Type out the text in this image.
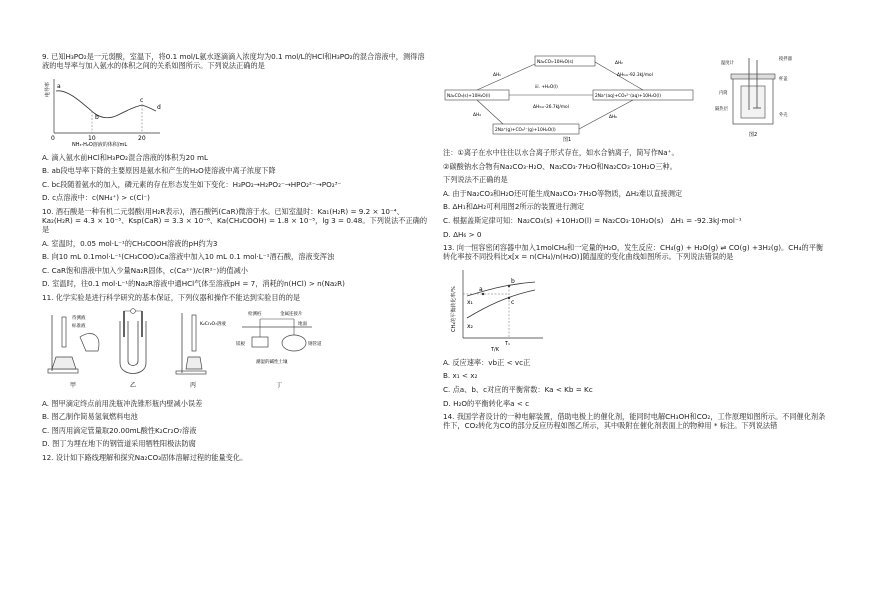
9. 已知H₃PO₂是一元弱酸，室温下，将0.1 mol/L氨水逐滴滴入浓度均为0.1 mol/L的HCl和H₃PO₂的混合溶液中，测得溶液的电导率与加入氨水的体积之间的关系如图所示。下列说法正确的是
a
b
c
d
0	10	20
NH₃·H₂O溶液的体积/mL
电导率
A. 滴入氨水前HCl和H₃PO₂混合溶液的体积为20 mL
B. ab段电导率下降的主要原因是氨水和产生的H₂O使溶液中离子浓度下降
C. bc段随着氨水的加入，磷元素的存在形态发生如下变化：H₃PO₂→H₂PO₂⁻→HPO₂²⁻→PO₂³⁻
D. c点溶液中：c(NH₄⁺) > c(Cl⁻)
10. 酒石酸是一种有机二元弱酸(用H₂R表示)，酒石酸钙(CaR)微溶于水。已知室温时：Ka₁(H₂R) = 9.2 × 10⁻⁴、Ka₂(H₂R) = 4.3 × 10⁻⁵、Ksp(CaR) = 3.3 × 10⁻⁶、Ka(CH₃COOH) = 1.8 × 10⁻⁵，lg 3 = 0.48。下列说法不正确的是
A. 室温时，0.05 mol·L⁻¹的CH₃COOH溶液的pH约为3
B. 向10 mL 0.1mol·L⁻¹(CH₃COO)₂Ca溶液中加入10 mL 0.1 mol·L⁻¹酒石酸，溶液变浑浊
C. CaR饱和溶液中加入少量Na₂R固体，c(Ca²⁺)/c(R²⁻)的值减小
D. 室温时，往0.1 mol·L⁻¹的Na₂R溶液中通HCl气体至溶液pH = 7，消耗的n(HCl) > n(Na₂R)
11. 化学实验是进行科学研究的基本保证，下列仪器和操作不能达到实验目的的是
待测液
标准液
甲	乙
K₂Cr₂O₇溶液
丙
检测桩	金属连接片
地面
钢管道
镁板
潮湿的碱性土壤
丁
A. 图甲滴定终点前用洗瓶冲洗锥形瓶内壁减小误差
B. 图乙制作简易氢氧燃料电池
C. 图丙用滴定管量取20.00mL酸性K₂Cr₂O₇溶液
D. 图丁为埋在地下的钢管道采用牺牲阳极法防腐
12. 设计如下路线理解和探究Na₂CO₃固体溶解过程的能量变化。
Na₂CO₃(s)+10H₂O(l)
Na₂CO₃·10H₂O(s)
2Na⁺(aq)+CO₃²⁻(aq)+10H₂O(l)
2Na⁺(g)+CO₃²⁻(g)+10H₂O(l)
ΔH₁
ΔH₂
iii. +H₂O(l)
ΔH₃=-26.7kJ/mol
ΔH₅=-92.3kJ/mol
ΔH₄	ΔH₆
图1
温度计
搅拌器
内筒
隔热层
杯盖
外壳
图2
注：①离子在水中往往以水合离子形式存在，如水合钠离子，简写作Na⁺。
②碳酸钠水合物有Na₂CO₃·H₂O、Na₂CO₃·7H₂O和Na₂CO₃·10H₂O三种。
下列说法不正确的是
A. 由于Na₂CO₃和H₂O还可能生成Na₂CO₃·7H₂O等物质，ΔH₂难以直接测定
B. ΔH₁和ΔH₂可利用图2所示的装置进行测定
C. 根据盖斯定律可知：Na₂CO₃(s) +10H₂O(l) = Na₂CO₃·10H₂O(s)　ΔH₁ = -92.3kJ·mol⁻¹
D. ΔH₆ > 0
13. 向一恒容密闭容器中加入1molCH₄和一定量的H₂O，发生反应：CH₄(g) + H₂O(g) ⇌ CO(g) +3H₂(g)。CH₄的平衡转化率按不同投料比x[x = n(CH₄)/n(H₂O)]随温度的变化曲线如图所示。下列说法错误的是
a
b
c
x₁
x₂
T₁
T/K
CH₄的平衡转化率/%
A. 反应速率：vb正 < vc正
B. x₁ < x₂
C. 点a、b、c对应的平衡常数：Ka < Kb = Kc
D. H₂O的平衡转化率a < c
14. 我国学者设计的一种电解装置，借助电极上的催化剂，能同时电解CH₃OH和CO₂，工作原理如图所示。不同催化剂条件下，CO₂转化为CO的部分反应历程如图乙所示，其中吸附在催化剂表面上的物种用 * 标注。下列说法错
